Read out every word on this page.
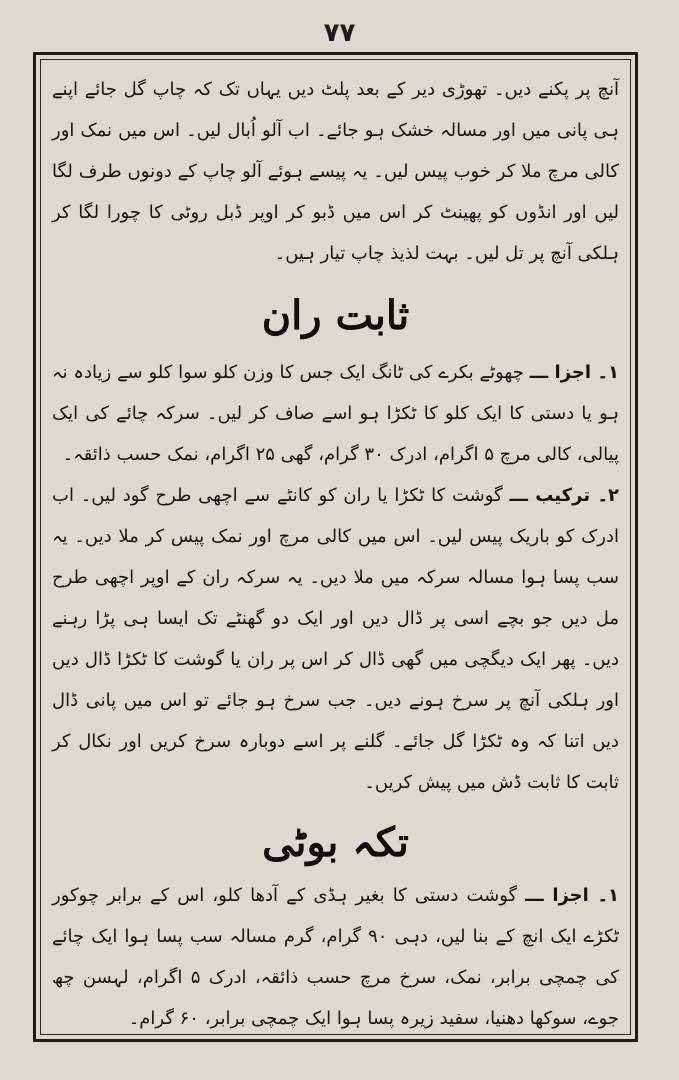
۷۷

آنچ پر پکنے دیں۔ تھوڑی دیر کے بعد پلٹ دیں یہاں تک کہ چاپ گل جائے اپنے ہی پانی میں اور مسالہ خشک ہو جائے۔ اب آلو اُبال لیں۔ اس میں نمک اور کالی مرچ ملا کر خوب پیس لیں۔ یہ پیسے ہوئے آلو چاپ کے دونوں طرف لگا لیں اور انڈوں کو پھینٹ کر اس میں ڈبو کر اوپر ڈبل روٹی کا چورا لگا کر ہلکی آنچ پر تل لیں۔ بہت لذیذ چاپ تیار ہیں۔

ثابت ران

۱۔ اجزا ـــ چھوٹے بکرے کی ٹانگ ایک جس کا وزن کلو سوا کلو سے زیادہ نہ ہو یا دستی کا ایک کلو کا ٹکڑا ہو اسے صاف کر لیں۔ سرکہ چائے کی ایک پیالی، کالی مرچ ۵ اگرام، ادرک ۳۰ گرام، گھی ۲۵ اگرام، نمک حسب ذائقہ۔

۲۔ ترکیب ـــ گوشت کا ٹکڑا یا ران کو کانٹے سے اچھی طرح گود لیں۔ اب ادرک کو باریک پیس لیں۔ اس میں کالی مرچ اور نمک پیس کر ملا دیں۔ یہ سب پسا ہوا مسالہ سرکہ میں ملا دیں۔ یہ سرکہ ران کے اوپر اچھی طرح مل دیں جو بچے اسی پر ڈال دیں اور ایک دو گھنٹے تک ایسا ہی پڑا رہنے دیں۔ پھر ایک دیگچی میں گھی ڈال کر اس پر ران یا گوشت کا ٹکڑا ڈال دیں اور ہلکی آنچ پر سرخ ہونے دیں۔ جب سرخ ہو جائے تو اس میں پانی ڈال دیں اتنا کہ وہ ٹکڑا گل جائے۔ گلنے پر اسے دوبارہ سرخ کریں اور نکال کر ثابت کا ثابت ڈش میں پیش کریں۔

تکہ بوٹی

۱۔ اجزا ـــ گوشت دستی کا بغیر ہڈی کے آدھا کلو، اس کے برابر چوکور ٹکڑے ایک انچ کے بنا لیں، دہی ۹۰ گرام، گرم مسالہ سب پسا ہوا ایک چائے کی چمچی برابر، نمک، سرخ مرچ حسب ذائقہ، ادرک ۵ اگرام، لہسن چھ جوے، سوکھا دھنیا، سفید زیرہ پسا ہوا ایک چمچی برابر، ۶۰ گرام۔
